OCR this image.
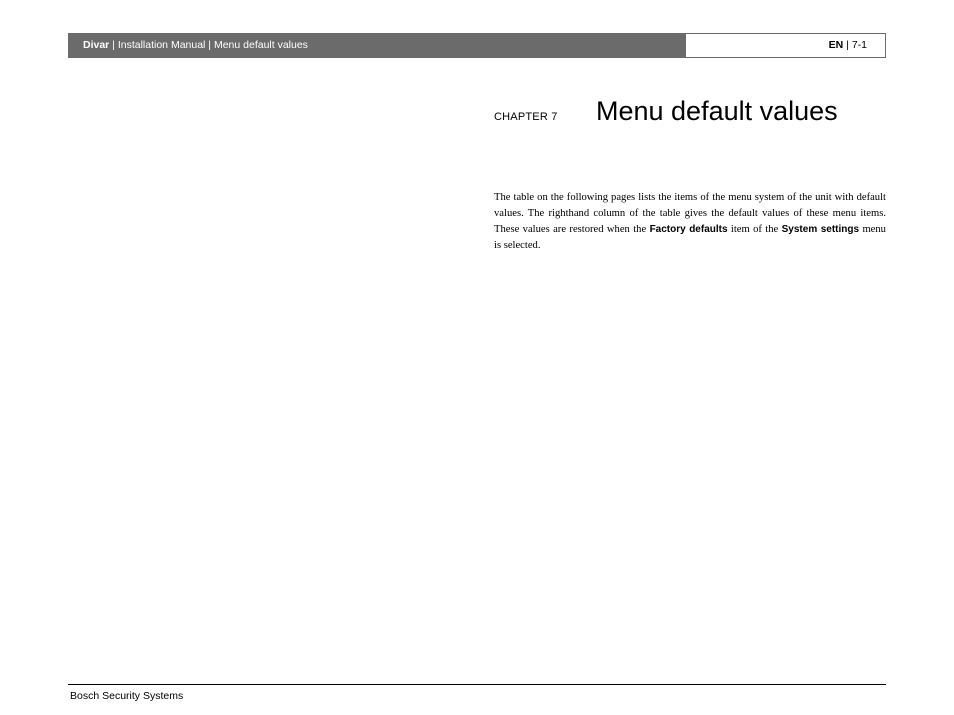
Divar | Installation Manual | Menu default values	EN | 7-1
CHAPTER 7 Menu default values
The table on the following pages lists the items of the menu system of the unit with default values. The righthand column of the table gives the default values of these menu items. These values are restored when the Factory defaults item of the System settings menu is selected.
Bosch Security Systems
